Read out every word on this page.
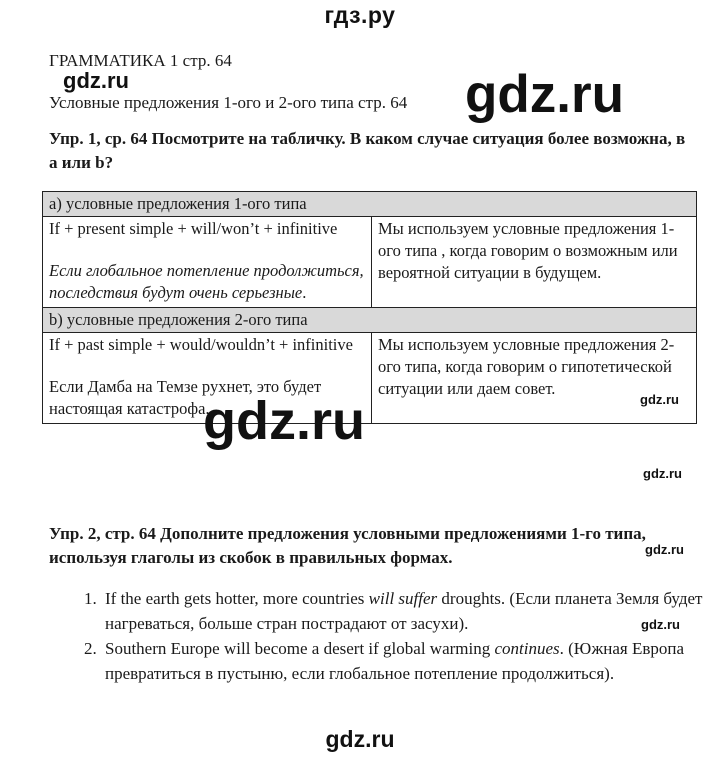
гдз.ру
ГРАММАТИКА 1 стр. 64
gdz.ru
Условные предложения 1-ого и 2-ого типа стр. 64 gdz.ru
Упр. 1, ср. 64 Посмотрите на табличку. В каком случае ситуация более возможна, в a или b?
a) условные предложения 1-ого типа	

If + present simple + will/won’t + infinitive
Если глобальное потепление продолжиться, последствия будут очень серьезные.	Мы используем условные предложения 1-ого типа , когда говорим о возможным или вероятной ситуации в будущем.
b) условные предложения 2-ого типа	

If + past simple + would/wouldn’t + infinitive
Если Дамба на Темзе рухнет, это будет настоящая катастрофа.	Мы используем условные предложения 2-ого типа, когда говорим о гипотетической ситуации или даем совет.
gdz.ru	gdz.ru
gdz.ru
Упр. 2, стр. 64 Дополните предложения условными предложениями 1-го типа, используя глаголы из скобок в правильных формах.	gdz.ru
1. If the earth gets hotter, more countries will suffer droughts. (Если планета Земля будет нагреваться, больше стран пострадают от засухи).
2. Southern Europe will become a desert if global warming continues. (Южная Европа превратиться в пустыню, если глобальное потепление продолжиться).
gdz.ru
gdz.ru
